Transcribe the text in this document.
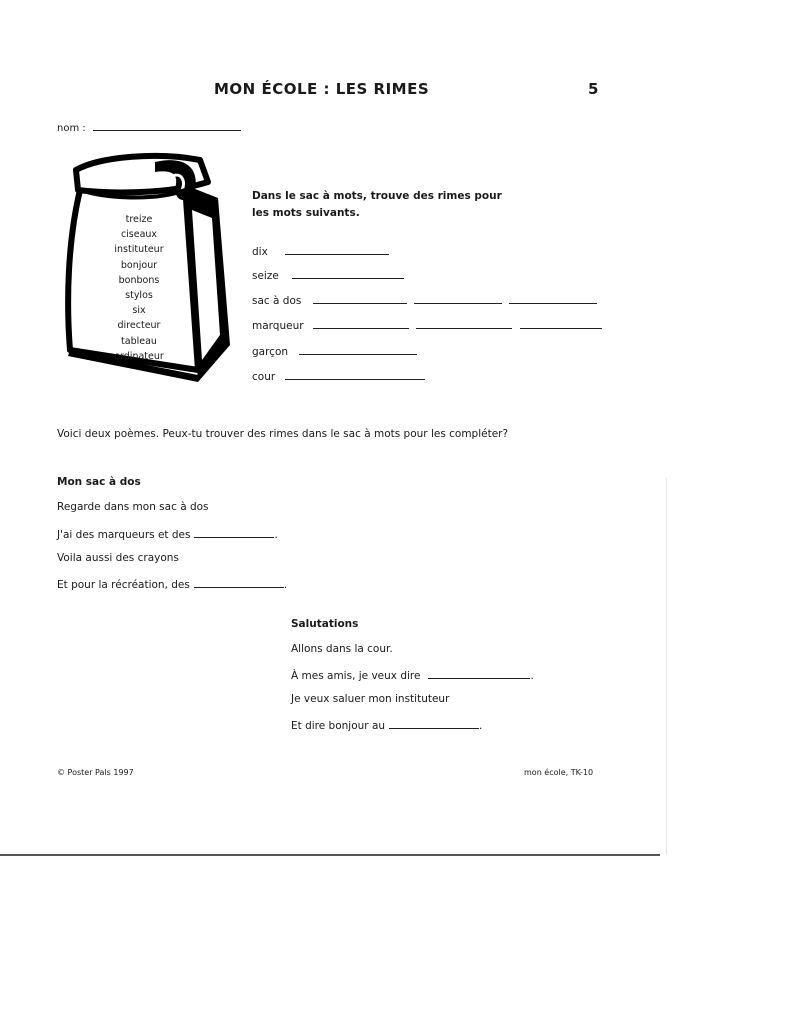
MON ÉCOLE : LES RIMES	5
nom :
treize
ciseaux
instituteur
bonjour
bonbons
stylos
six
directeur
tableau
ordinateur
Dans le sac à mots, trouve des rimes pour
les mots suivants.
dix
seize
sac à dos
marqueur
garçon
cour
Voici deux poèmes. Peux-tu trouver des rimes dans le sac à mots pour les compléter?
Mon sac à dos
Regarde dans mon sac à dos
J'ai des marqueurs et des	.
Voila aussi des crayons
Et pour la récréation, des	.
Salutations
Allons dans la cour.
À mes amis, je veux dire	.
Je veux saluer mon instituteur
Et dire bonjour au	.
© Poster Pals 1997	mon école, TK-10
